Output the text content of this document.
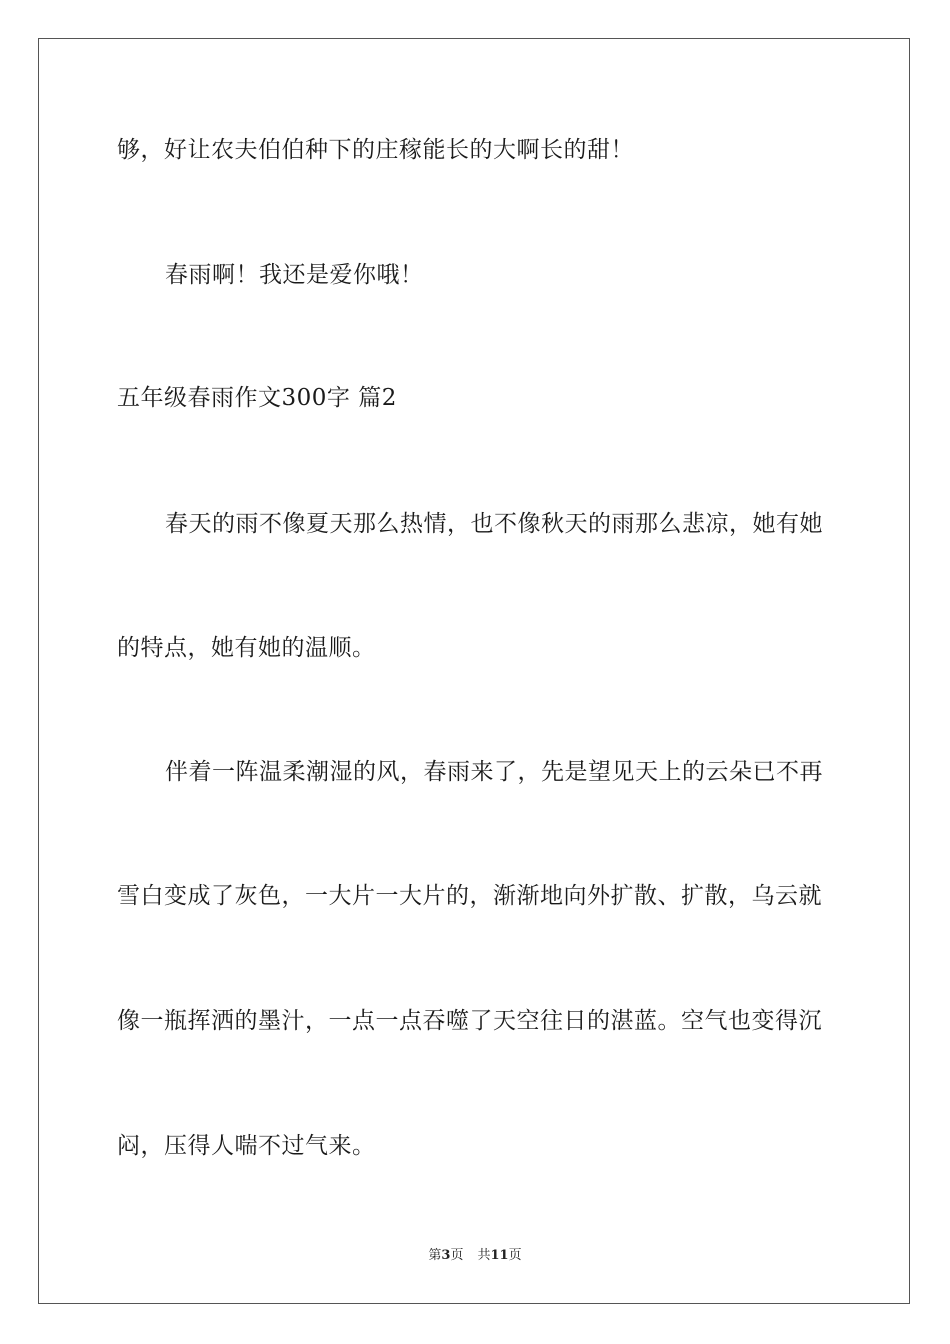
够，好让农夫伯伯种下的庄稼能长的大啊长的甜！
春雨啊！我还是爱你哦！
五年级春雨作文300字 篇2
春天的雨不像夏天那么热情，也不像秋天的雨那么悲凉，她有她
的特点，她有她的温顺。
伴着一阵温柔潮湿的风，春雨来了，先是望见天上的云朵已不再
雪白变成了灰色，一大片一大片的，渐渐地向外扩散、扩散，乌云就
像一瓶挥洒的墨汁，一点一点吞噬了天空往日的湛蓝。空气也变得沉
闷，压得人喘不过气来。
第3页 共11页
